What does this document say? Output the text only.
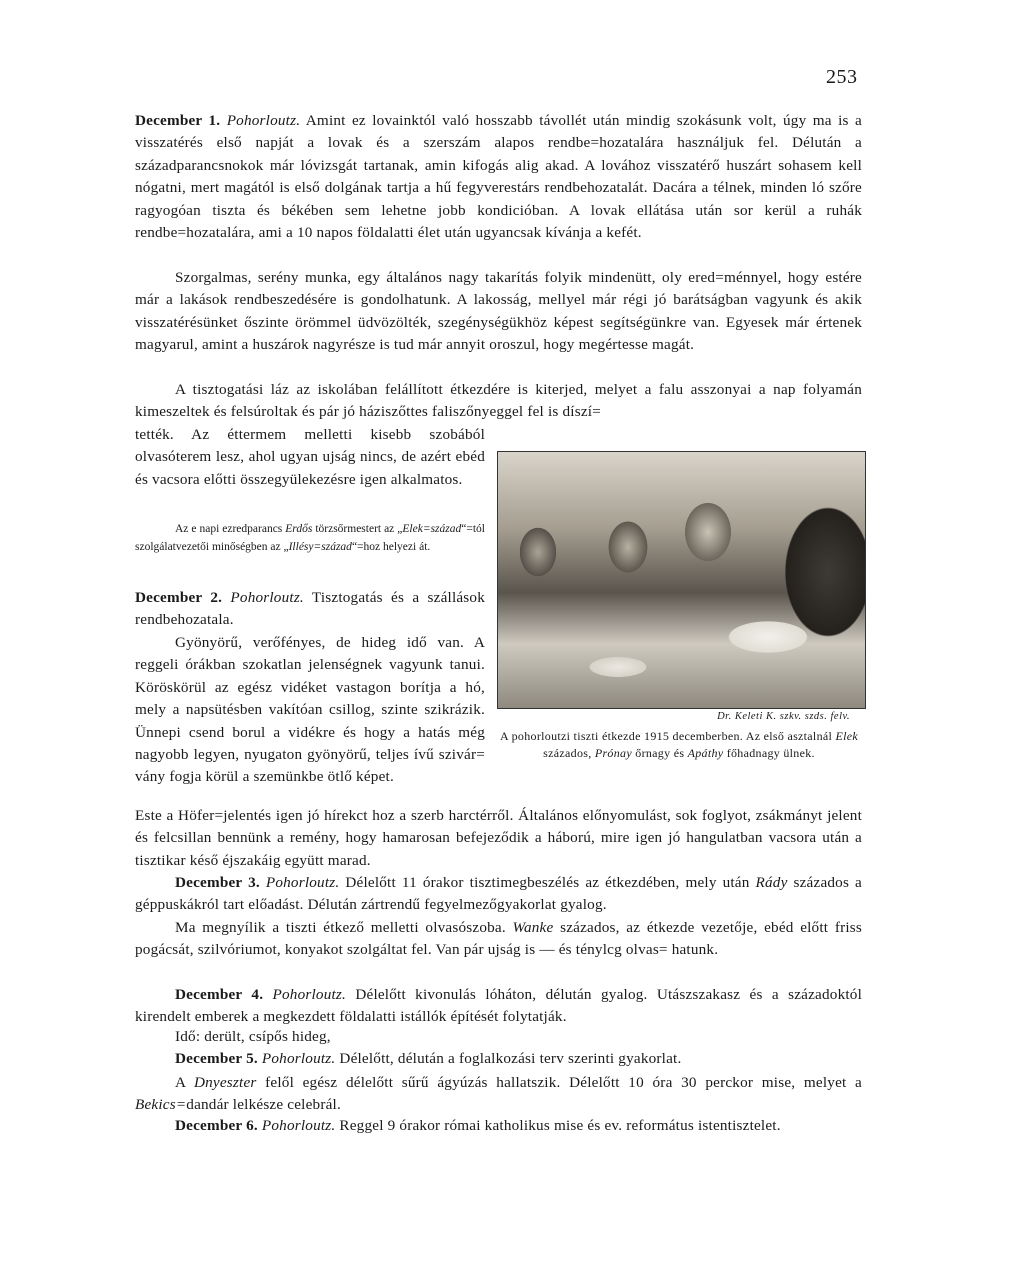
253

December 1. Pohorloutz. Amint ez lovainktól való hosszabb távollét után mindig szokásunk volt, úgy ma is a visszatérés első napját a lovak és a szerszám alapos rendbe=hozatalára használjuk fel. Délután a századparancsnokok már lóvizsgát tartanak, amin kifogás alig akad. A lovához visszatérő huszárt sohasem kell nógatni, mert magától is első dolgának tartja a hű fegyverestárs rendbehozatalát. Dacára a télnek, minden ló szőre ragyogóan tiszta és békében sem lehetne jobb kondicióban. A lovak ellátása után sor kerül a ruhák rendbe=hozatalára, ami a 10 napos földalatti élet után ugyancsak kívánja a kefét.

Szorgalmas, serény munka, egy általános nagy takarítás folyik mindenütt, oly ered=ménnyel, hogy estére már a lakások rendbeszedésére is gondolhatunk. A lakosság, mellyel már régi jó barátságban vagyunk és akik visszatérésünket őszinte örömmel üdvözölték, szegénységükhöz képest segítségünkre van. Egyesek már értenek magyarul, amint a huszárok nagyrésze is tud már annyit oroszul, hogy megértesse magát.

A tisztogatási láz az iskolában felállított étkezdére is kiterjed, melyet a falu asszonyai a nap folyamán kimeszeltek és felsúroltak és pár jó háziszőttes faliszőnyeggel fel is díszí=

tették. Az éttermem melletti kisebb szobából olvasóterem lesz, ahol ugyan ujság nincs, de azért ebéd és vacsora előtti összegyülekezésre igen alkalmatos.

Az e napi ezredparancs Erdős törzsőrmestert az „Elek=század“=tól szolgálatvezetői minőségben az „Illésy=század“=hoz helyezi át.

December 2. Pohorloutz. Tisztogatás és a szállások rendbehozatala.

Gyönyörű, verőfényes, de hideg idő van. A reggeli órákban szokatlan jelenségnek vagyunk tanui. Köröskörül az egész vidéket vastagon borítja a hó, mely a napsütésben vakítóan csillog, szinte szikrázik. Ünnepi csend borul a vidékre és hogy a hatás még nagyobb legyen, nyugaton gyönyörű, teljes ívű szivár= vány fogja körül a szemünkbe ötlő képet.

Dr. Keleti K. szkv. szds. felv.

A pohorloutzi tiszti étkezde 1915 decemberben. Az első asztalnál Elek százados, Prónay őrnagy és Apáthy főhadnagy ülnek.

Este a Höfer=jelentés igen jó hírekct hoz a szerb harctérről. Általános előnyomulást, sok foglyot, zsákmányt jelent és felcsillan bennünk a remény, hogy hamarosan befejeződik a háború, mire igen jó hangulatban vacsora után a tisztikar késő éjszakáig együtt marad.

December 3. Pohorloutz. Délelőtt 11 órakor tisztimegbeszélés az étkezdében, mely után Rády százados a géppuskákról tart előadást. Délután zártrendű fegyelmezőgyakorlat gyalog.

Ma megnyílik a tiszti étkező melletti olvasószoba. Wanke százados, az étkezde vezetője, ebéd előtt friss pogácsát, szilvóriumot, konyakot szolgáltat fel. Van pár ujság is — és ténylcg olvas= hatunk.

December 4. Pohorloutz. Délelőtt kivonulás lóháton, délután gyalog. Utászszakasz és a századoktól kirendelt emberek a megkezdett földalatti istállók építését folytatják.

Idő: derült, csípős hideg,

December 5. Pohorloutz. Délelőtt, délután a foglalkozási terv szerinti gyakorlat.

A Dnyeszter felől egész délelőtt sűrű ágyúzás hallatszik. Délelőtt 10 óra 30 perckor mise, melyet a Bekics=dandár lelkésze celebrál.

December 6. Pohorloutz. Reggel 9 órakor római katholikus mise és ev. református istentisztelet.
